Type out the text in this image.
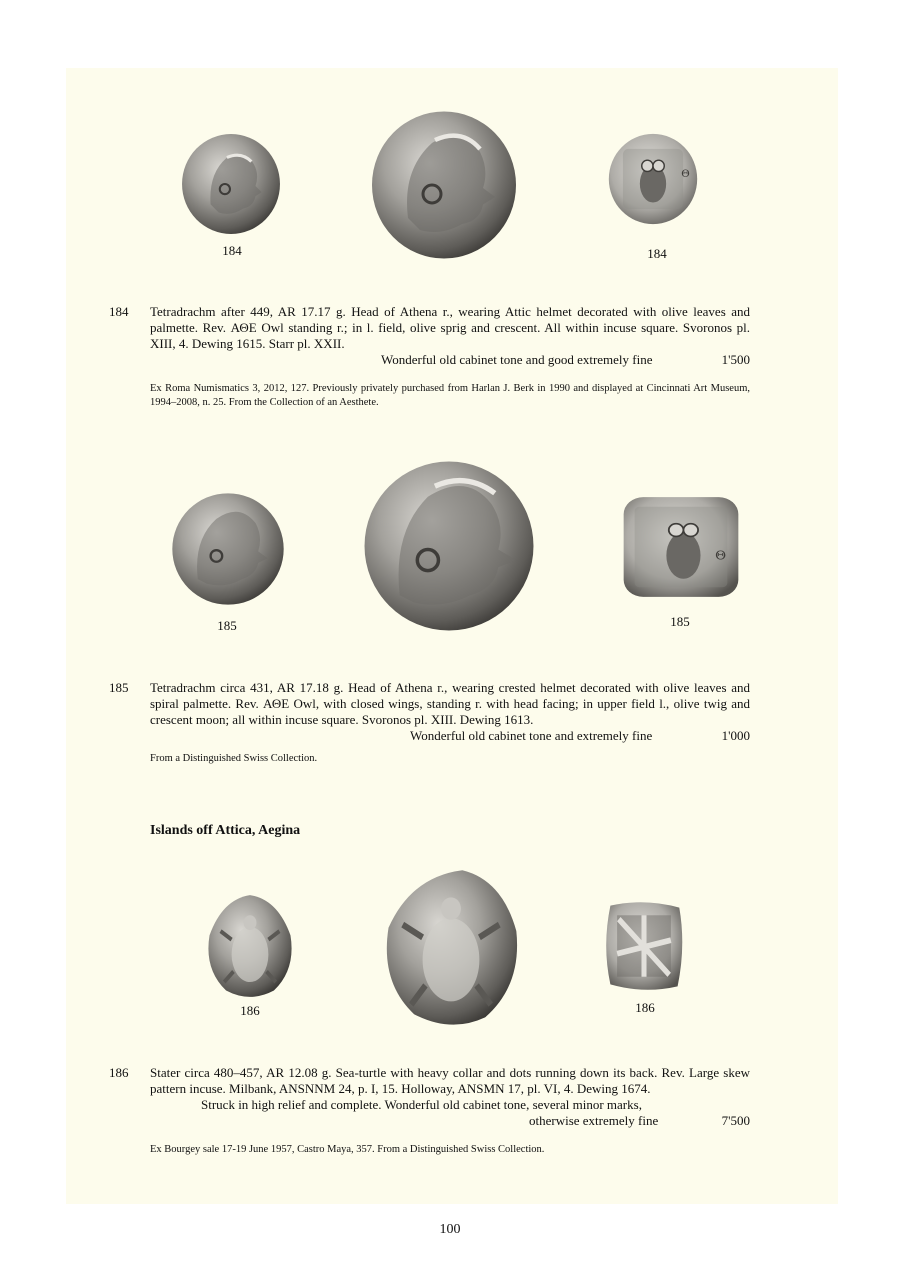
Θ
184	184
184 Tetradrachm after 449, AR 17.17 g. Head of Athena r., wearing Attic helmet decorated with olive leaves and palmette. Rev. ΑΘΕ Owl standing r.; in l. field, olive sprig and crescent. All within incuse square. Svoronos pl. XIII, 4. Dewing 1615. Starr pl. XXII.
Wonderful old cabinet tone and good extremely fine	1'500
Ex Roma Numismatics 3, 2012, 127. Previously privately purchased from Harlan J. Berk in 1990 and displayed at Cincinnati Art Museum, 1994–2008, n. 25. From the Collection of an Aesthete.
Θ
185	185
185 Tetradrachm circa 431, AR 17.18 g. Head of Athena r., wearing crested helmet decorated with olive leaves and spiral palmette. Rev. ΑΘΕ Owl, with closed wings, standing r. with head facing; in upper field l., olive twig and crescent moon; all within incuse square. Svoronos pl. XIII. Dewing 1613.
Wonderful old cabinet tone and extremely fine	1'000
From a Distinguished Swiss Collection.
Islands off Attica, Aegina
186	186
186 Stater circa 480–457, AR 12.08 g. Sea-turtle with heavy collar and dots running down its back. Rev. Large skew pattern incuse. Milbank, ANSNNM 24, p. I, 15. Holloway, ANSMN 17, pl. VI, 4. Dewing 1674.
Struck in high relief and complete. Wonderful old cabinet tone, several minor marks,
otherwise extremely fine	7'500
Ex Bourgey sale 17-19 June 1957, Castro Maya, 357. From a Distinguished Swiss Collection.
100
